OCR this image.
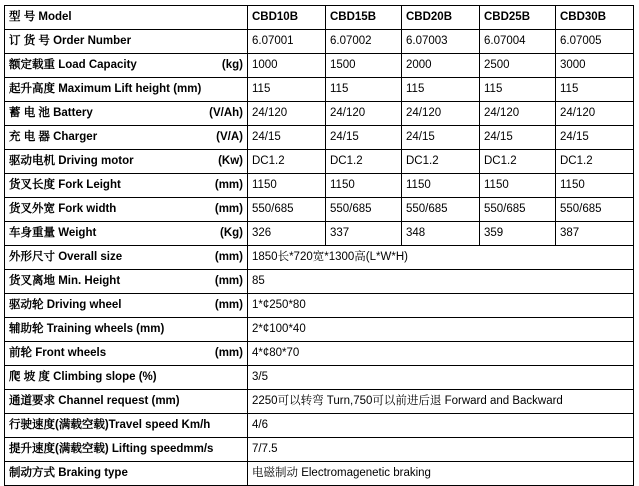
型 号 Model	CBD10B	CBD15B	CBD20B	CBD25B	CBD30B

订 货 号 Order Number	6.07001	6.07002	6.07003	6.07004	6.07005

额定载重 Load Capacity (kg)	1000	1500	2000	2500	3000

起升高度 Maximum Lift height (mm)	115	115	115	115	115

蓄 电 池 Battery (V/Ah)	24/120	24/120	24/120	24/120	24/120

充 电 器 Charger (V/A)	24/15	24/15	24/15	24/15	24/15

驱动电机 Driving motor (Kw)	DC1.2	DC1.2	DC1.2	DC1.2	DC1.2

货叉长度 Fork Leight (mm)	1150	1150	1150	1150	1150

货叉外宽 Fork width (mm)	550/685	550/685	550/685	550/685	550/685

车身重量 Weight (Kg)	326	337	348	359	387

外形尺寸 Overall size (mm)	1850长*720宽*1300高(L*W*H)				

货叉离地 Min. Height (mm)	85				

驱动轮 Driving wheel (mm)	1*¢250*80				

辅助轮 Training wheels (mm)	2*¢100*40				

前轮 Front wheels (mm)	4*¢80*70				

爬 坡 度 Climbing slope (%)	3/5				

通道要求 Channel request (mm)	2250可以转弯 Turn,750可以前进后退 Forward and Backward				

行驶速度(满载空载)Travel speed Km/h	4/6				

提升速度(满载空载) Lifting speedmm/s	7/7.5				

制动方式 Braking type	电磁制动 Electromagenetic braking				
